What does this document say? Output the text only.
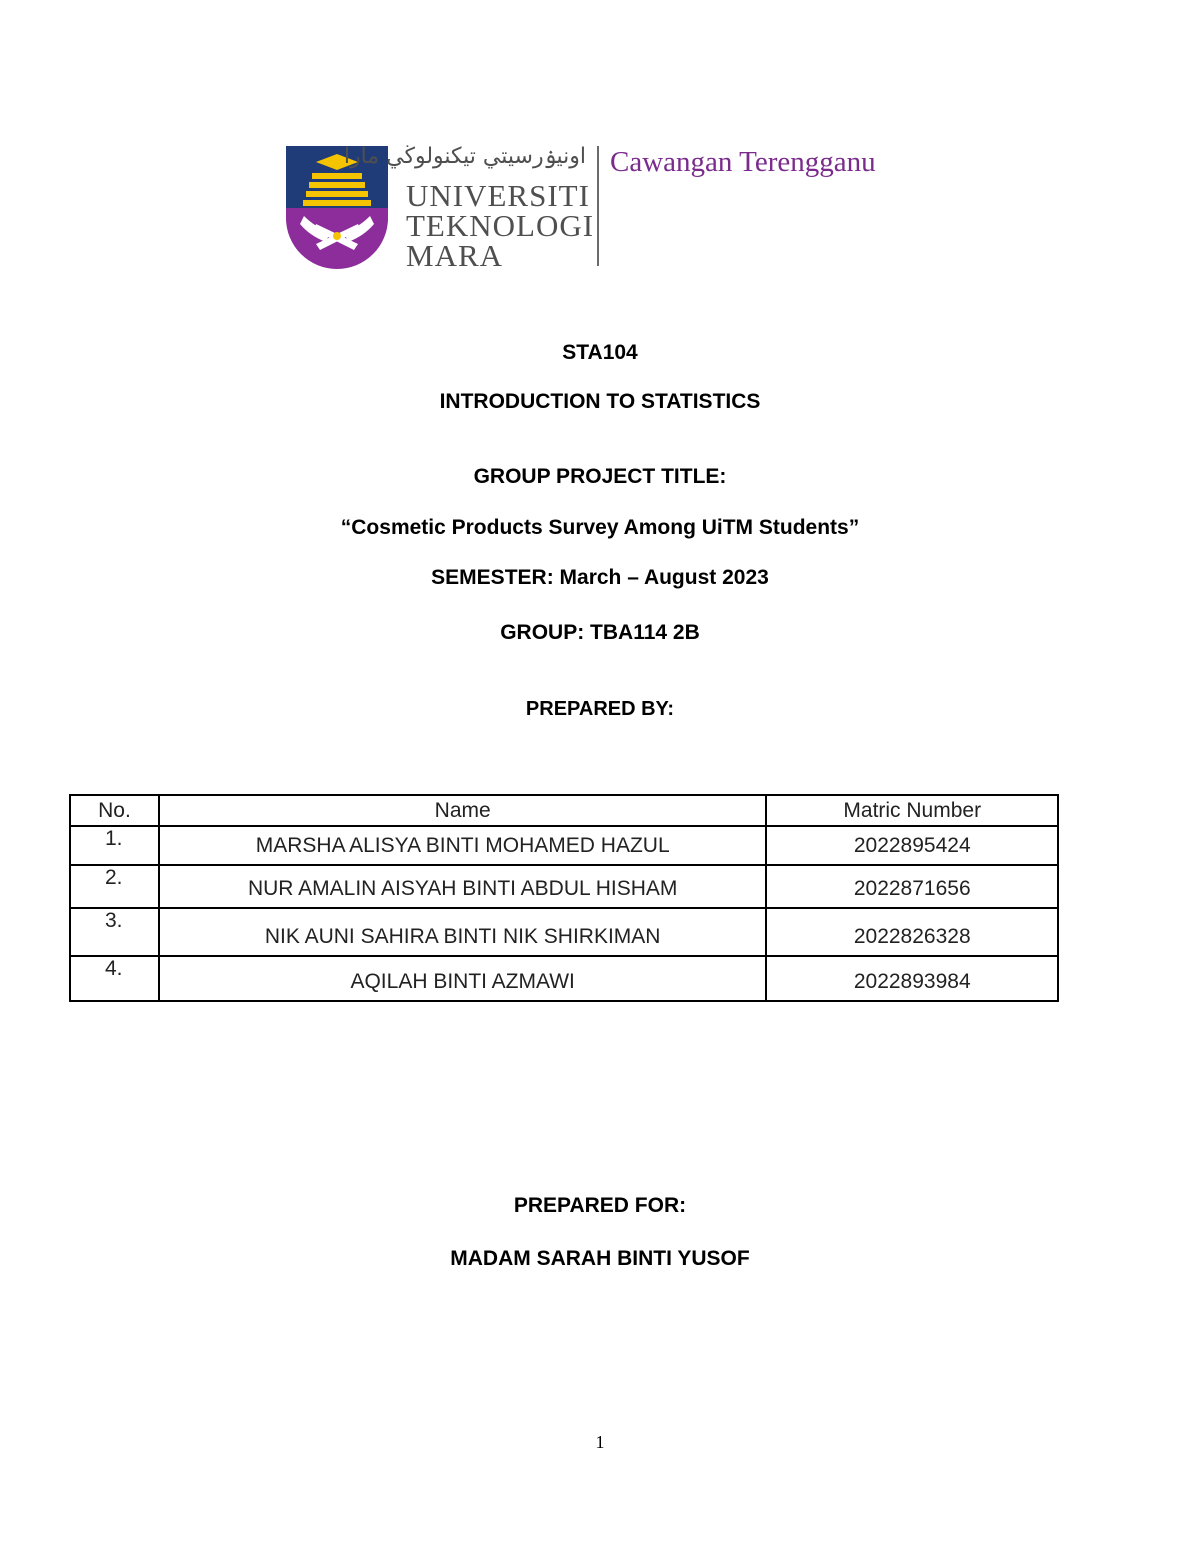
اونيۏرسيتي تيكنولوڬي مارا
UNIVERSITI
TEKNOLOGI
MARA
Cawangan Terengganu
STA104
INTRODUCTION TO STATISTICS
GROUP PROJECT TITLE:
“Cosmetic Products Survey Among UiTM Students”
SEMESTER: March – August 2023
GROUP: TBA114 2B
PREPARED BY:
No.	Name	Matric Number
1.	MARSHA ALISYA BINTI MOHAMED HAZUL	2022895424
2.	NUR AMALIN AISYAH BINTI ABDUL HISHAM	2022871656
3.	NIK AUNI SAHIRA BINTI NIK SHIRKIMAN	2022826328
4.	AQILAH BINTI AZMAWI	2022893984
PREPARED FOR:
MADAM SARAH BINTI YUSOF
1
